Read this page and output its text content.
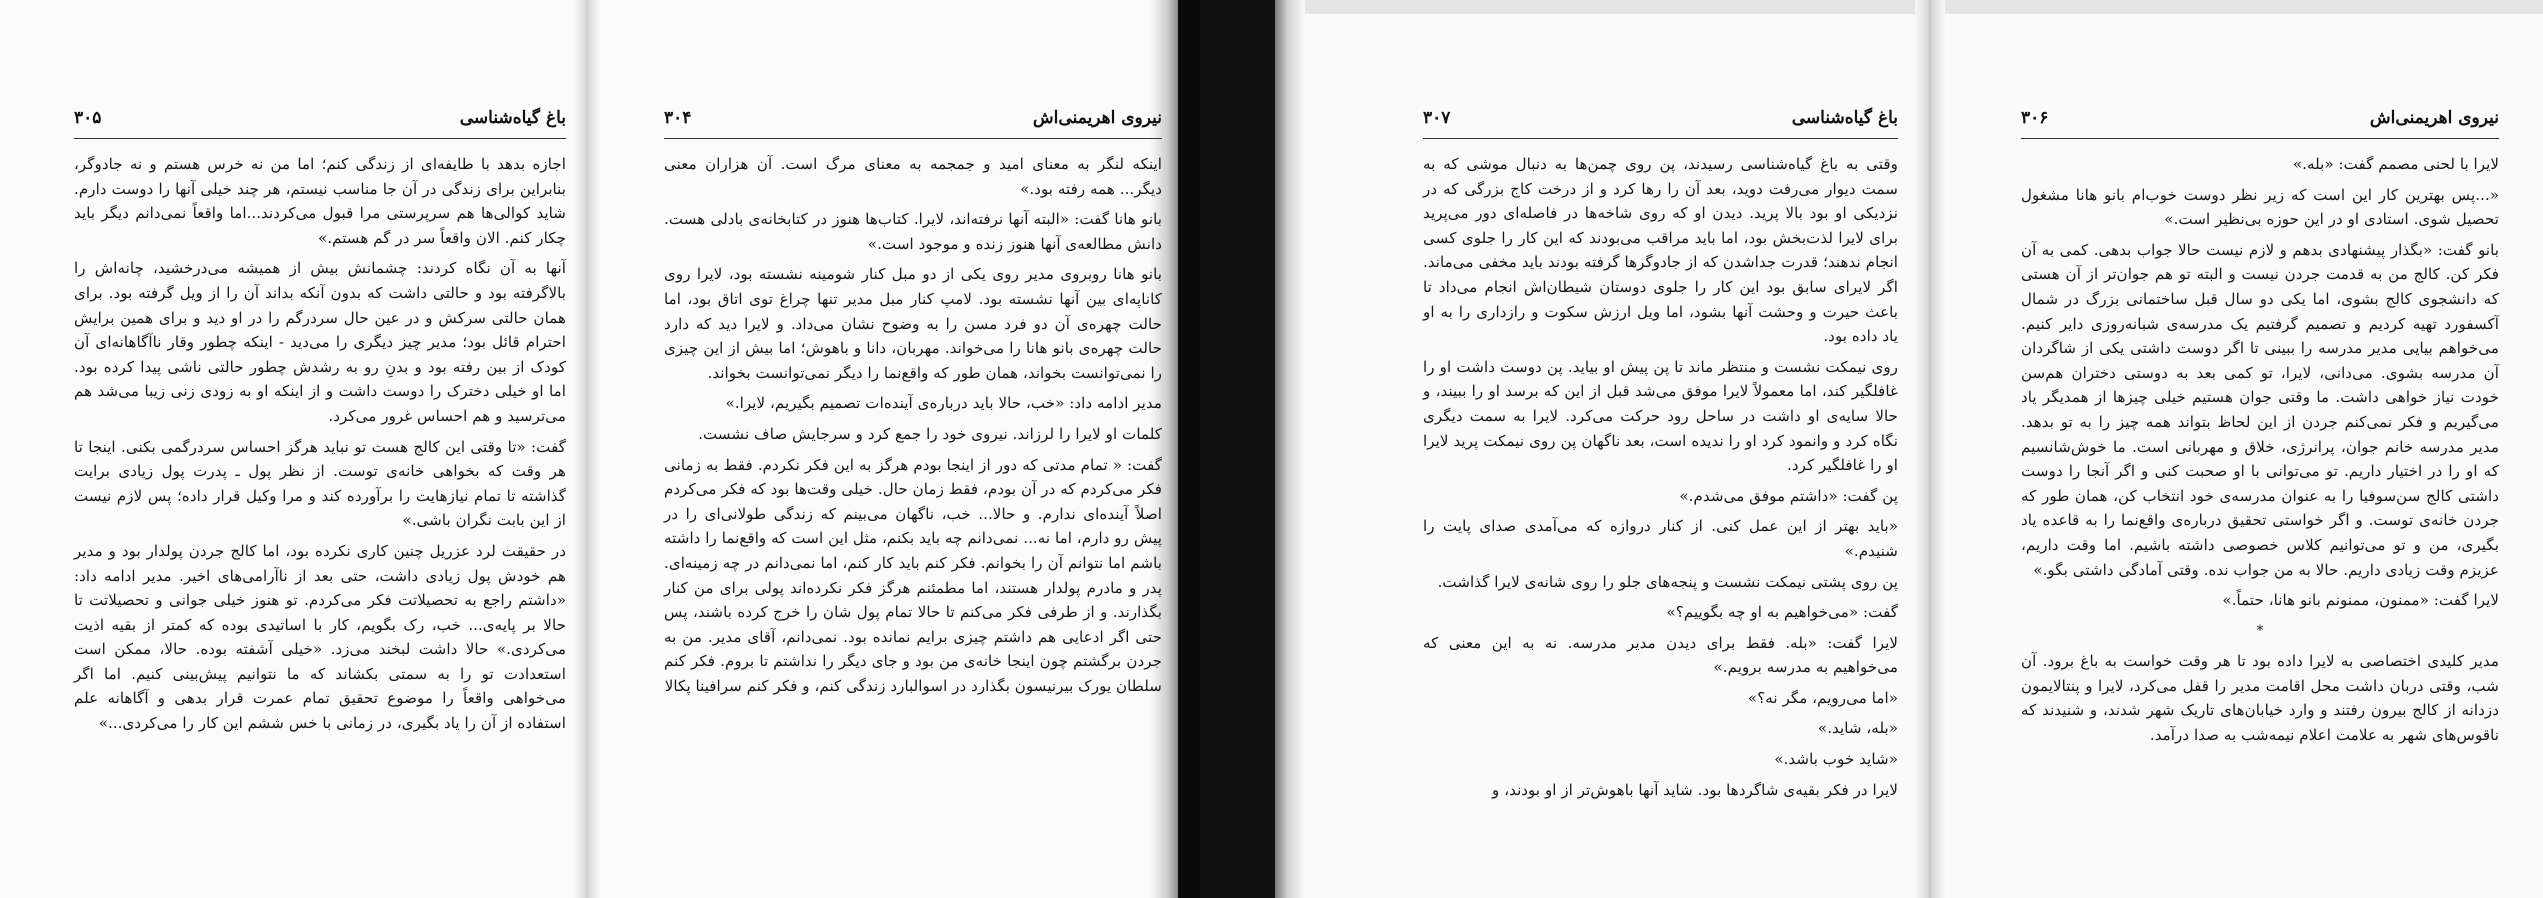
باغ گیاه‌شناسی
۳۰۵

اجازه بدهد با طایفه‌ای از زندگی کنم؛ اما من نه خرس هستم و نه جادوگر، بنابراین برای زندگی در آن جا مناسب نیستم، هر چند خیلی آنها را دوست دارم. شاید کوالی‌ها هم سرپرستی مرا قبول می‌کردند...اما واقعاً نمی‌دانم دیگر باید چکار کنم. الان واقعاً سر در گم هستم.»

آنها به آن نگاه کردند: چشمانش بیش از همیشه می‌درخشید، چانه‌اش را بالاگرفته بود و حالتی داشت که بدون آنکه بداند آن را از ویل گرفته بود. برای همان حالتی سرکش و در عین حال سردرگم را در او دید و برای همین برایش احترام قائل بود؛ مدیر چیز دیگری را می‌دید - اینکه چطور وقار ناآگاهانه‌ای آن کودک از بین رفته بود و بدنِ رو به رشدش چطور حالتی ناشی پیدا کرده بود. اما او خیلی دخترک را دوست داشت و از اینکه او به زودی زنی زیبا می‌شد هم می‌ترسید و هم احساس غرور می‌کرد.

گفت: «تا وقتی این کالج هست تو نباید هرگز احساس سردرگمی بکنی. اینجا تا هر وقت که بخواهی خانه‌ی توست. از نظر پول ـ پدرت پول زیادی برایت گذاشته تا تمام نیازهایت را برآورده کند و مرا وکیل قرار داده؛ پس لازم نیست از این بابت نگران باشی.»

در حقیقت لرد عزریل چنین کاری نکرده بود، اما کالج جردن پولدار بود و مدیر هم خودش پول زیادی داشت، حتی بعد از ناآرامی‌های اخیر. مدیر ادامه داد: «داشتم راجع به تحصیلاتت فکر می‌کردم. تو هنوز خیلی جوانی و تحصیلاتت تا حالا بر پایه‌ی... خب، رک بگویم، کار با اساتیدی بوده که کمتر از بقیه اذیت می‌کردی.» حالا داشت لبخند می‌زد. «خیلی آشفته بوده. حالا، ممکن است استعدادت تو را به سمتی بکشاند که ما نتوانیم پیش‌بینی کنیم. اما اگر می‌خواهی واقعاً را موضوع تحقیق تمام عمرت قرار بدهی و آگاهانه علم استفاده از آن را یاد بگیری، در زمانی با خس ششم این کار را می‌کردی...»

نیروی اهریمنی‌اش
۳۰۴

اینکه لنگر به معنای امید و جمجمه به معنای مرگ است. آن هزاران معنی دیگر... همه رفته بود.»

بانو هانا گفت: «البته آنها نرفته‌اند، لایرا. کتاب‌ها هنوز در کتابخانه‌ی بادلی هست. دانش مطالعه‌ی آنها هنوز زنده و موجود است.»

بانو هانا روبروی مدیر روی یکی از دو مبل کنار شومینه نشسته بود، لایرا روی کاناپه‌ای بین آنها نشسته بود. لامپ کنار مبل مدیر تنها چراغ توی اتاق بود، اما حالت چهره‌ی آن دو فرد مسن را به وضوح نشان می‌داد. و لایرا دید که دارد حالت چهره‌ی بانو هانا را می‌خواند. مهربان، دانا و باهوش؛ اما بیش از این چیزی را نمی‌توانست بخواند، همان طور که واقع‌نما را دیگر نمی‌توانست بخواند.

مدیر ادامه داد: «خب، حالا باید درباره‌ی آینده‌ات تصمیم بگیریم، لایرا.»

کلمات او لایرا را لرزاند. نیروی خود را جمع کرد و سرجایش صاف نشست.

گفت: « تمام مدتی که دور از اینجا بودم هرگز به این فکر نکردم. فقط به زمانی فکر می‌کردم که در آن بودم، فقط زمان حال. خیلی وقت‌ها بود که فکر می‌کردم اصلاً آینده‌ای ندارم. و حالا... خب، ناگهان می‌بینم که زندگی طولانی‌ای را در پیش رو دارم، اما نه... نمی‌دانم چه باید بکنم، مثل این است که واقع‌نما را داشته باشم اما نتوانم آن را بخوانم. فکر کنم باید کار کنم، اما نمی‌دانم در چه زمینه‌ای. پدر و مادرم پولدار هستند، اما مطمئنم هرگز فکر نکرده‌اند پولی برای من کنار بگذارند. و از طرفی فکر می‌کنم تا حالا تمام پول شان را خرج کرده باشند، پس حتی اگر ادعایی هم داشتم چیزی برایم نمانده بود. نمی‌دانم، آقای مدیر. من به جردن برگشتم چون اینجا خانه‌ی من بود و جای دیگر را نداشتم تا بروم. فکر کنم سلطان یورک بیرنیسون بگذارد در اسوالبارد زندگی کنم، و فکر کنم سرافینا پکالا

باغ گیاه‌شناسی
۳۰۷

وقتی به باغ گیاه‌شناسی رسیدند، پن روی چمن‌ها به دنبال موشی که به سمت دیوار می‌رفت دوید، بعد آن را رها کرد و از درخت کاج بزرگی که در نزدیکی او بود بالا پرید. دیدن او که روی شاخه‌ها در فاصله‌ای دور می‌پرید برای لایرا لذت‌بخش بود، اما باید مراقب می‌بودند که این کار را جلوی کسی انجام ندهند؛ قدرت جداشدن که از جادوگرها گرفته بودند باید مخفی می‌ماند. اگر لایرای سابق بود این کار را جلوی دوستان شیطان‌اش انجام می‌داد تا باعث حیرت و وحشت آنها بشود، اما ویل ارزش سکوت و رازداری را به او یاد داده بود.

روی نیمکت نشست و منتظر ماند تا پن پیش او بیاید. پن دوست داشت او را غافلگیر کند، اما معمولاً لایرا موفق می‌شد قبل از این که برسد او را ببیند، و حالا سایه‌ی او داشت در ساحل رود حرکت می‌کرد. لایرا به سمت دیگری نگاه کرد و وانمود کرد او را ندیده است، بعد ناگهان پن روی نیمکت پرید لایرا او را غافلگیر کرد.

پن گفت: «داشتم موفق می‌شدم.»

«باید بهتر از این عمل کنی. از کنار دروازه که می‌آمدی صدای پایت را شنیدم.»

پن روی پشتی نیمکت نشست و پنجه‌های جلو را روی شانه‌ی لایرا گذاشت.

گفت: «می‌خواهیم به او چه بگوییم؟»

لایرا گفت: «بله. فقط برای دیدن مدیر مدرسه. نه به این معنی که می‌خواهیم به مدرسه برویم.»

«اما می‌رویم، مگر نه؟»

«بله، شاید.»

«شاید خوب باشد.»

لایرا در فکر بقیه‌ی شاگردها بود. شاید آنها باهوش‌تر از او بودند، و

نیروی اهریمنی‌اش
۳۰۶

لایرا با لحنی مصمم گفت: «بله.»

«...پس بهترین کار این است که زیر نظر دوست خوب‌ام بانو هانا مشغول تحصیل شوی. استادی او در این حوزه بی‌نظیر است.»

بانو گفت: «بگذار پیشنهادی بدهم و لازم نیست حالا جواب بدهی. کمی به آن فکر کن. کالج من به قدمت جردن نیست و البته تو هم جوان‌تر از آن هستی که دانشجوی کالج بشوی، اما یکی دو سال قبل ساختمانی بزرگ در شمال آکسفورد تهیه کردیم و تصمیم گرفتیم یک مدرسه‌ی شبانه‌روزی دایر کنیم. می‌خواهم بیایی مدیر مدرسه را ببینی تا اگر دوست داشتی یکی از شاگردان آن مدرسه بشوی. می‌دانی، لایرا، تو کمی بعد به دوستی دختران هم‌سن خودت نیاز خواهی داشت. ما وقتی جوان هستیم خیلی چیزها از همدیگر یاد می‌گیریم و فکر نمی‌کنم جردن از این لحاظ بتواند همه چیز را به تو بدهد. مدیر مدرسه خانم جوان، پرانرژی، خلاق و مهربانی است. ما خوش‌شانسیم که او را در اختیار داریم. تو می‌توانی با او صحبت کنی و اگر آنجا را دوست داشتی کالج سن‌سوفیا را به عنوان مدرسه‌ی خود انتخاب کن، همان طور که جردن خانه‌ی توست. و اگر خواستی تحقیق درباره‌ی واقع‌نما را به قاعده یاد بگیری، من و تو می‌توانیم کلاس خصوصی داشته باشیم. اما وقت داریم، عزیزم وقت زیادی داریم. حالا به من جواب نده. وقتی آمادگی داشتی بگو.»

لایرا گفت: «ممنون، ممنونم بانو هانا، حتماً.»

*

مدیر کلیدی اختصاصی به لایرا داده بود تا هر وقت خواست به باغ برود. آن شب، وقتی دربان داشت محل اقامت مدیر را قفل می‌کرد، لایرا و پنتالایمون دزدانه از کالج بیرون رفتند و وارد خیابان‌های تاریک شهر شدند، و شنیدند که ناقوس‌های شهر به علامت اعلام نیمه‌شب به صدا درآمد.
